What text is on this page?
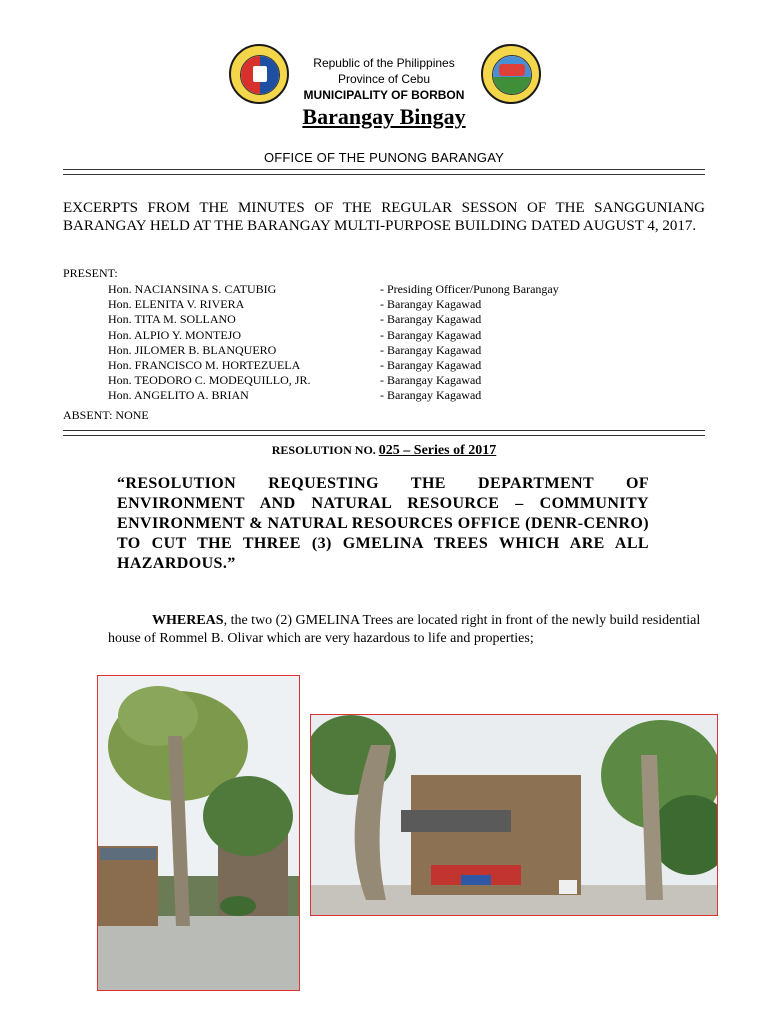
Republic of the Philippines
Province of Cebu
MUNICIPALITY OF BORBON
Barangay Bingay
OFFICE OF THE PUNONG BARANGAY
EXCERPTS FROM THE MINUTES OF THE REGULAR SESSON OF THE SANGGUNIANG BARANGAY HELD AT THE BARANGAY MULTI-PURPOSE BUILDING DATED AUGUST 4, 2017.
PRESENT:
Hon. NACIANSINA S. CATUBIG	- Presiding Officer/Punong Barangay
Hon. ELENITA V. RIVERA	- Barangay Kagawad
Hon. TITA M. SOLLANO	- Barangay Kagawad
Hon. ALPIO Y. MONTEJO	- Barangay Kagawad
Hon. JILOMER B. BLANQUERO	- Barangay Kagawad
Hon. FRANCISCO M. HORTEZUELA	- Barangay Kagawad
Hon. TEODORO C. MODEQUILLO, JR.	- Barangay Kagawad
Hon. ANGELITO A. BRIAN	- Barangay Kagawad
ABSENT: NONE
RESOLUTION NO. 025 – Series of 2017
“RESOLUTION REQUESTING THE DEPARTMENT OF ENVIRONMENT AND NATURAL RESOURCE – COMMUNITY ENVIRONMENT & NATURAL RESOURCES OFFICE (DENR-CENRO) TO CUT THE THREE (3) GMELINA TREES WHICH ARE ALL HAZARDOUS.”
WHEREAS, the two (2) GMELINA Trees are located right in front of the newly build residential house of Rommel B. Olivar which are very hazardous to life and properties;
